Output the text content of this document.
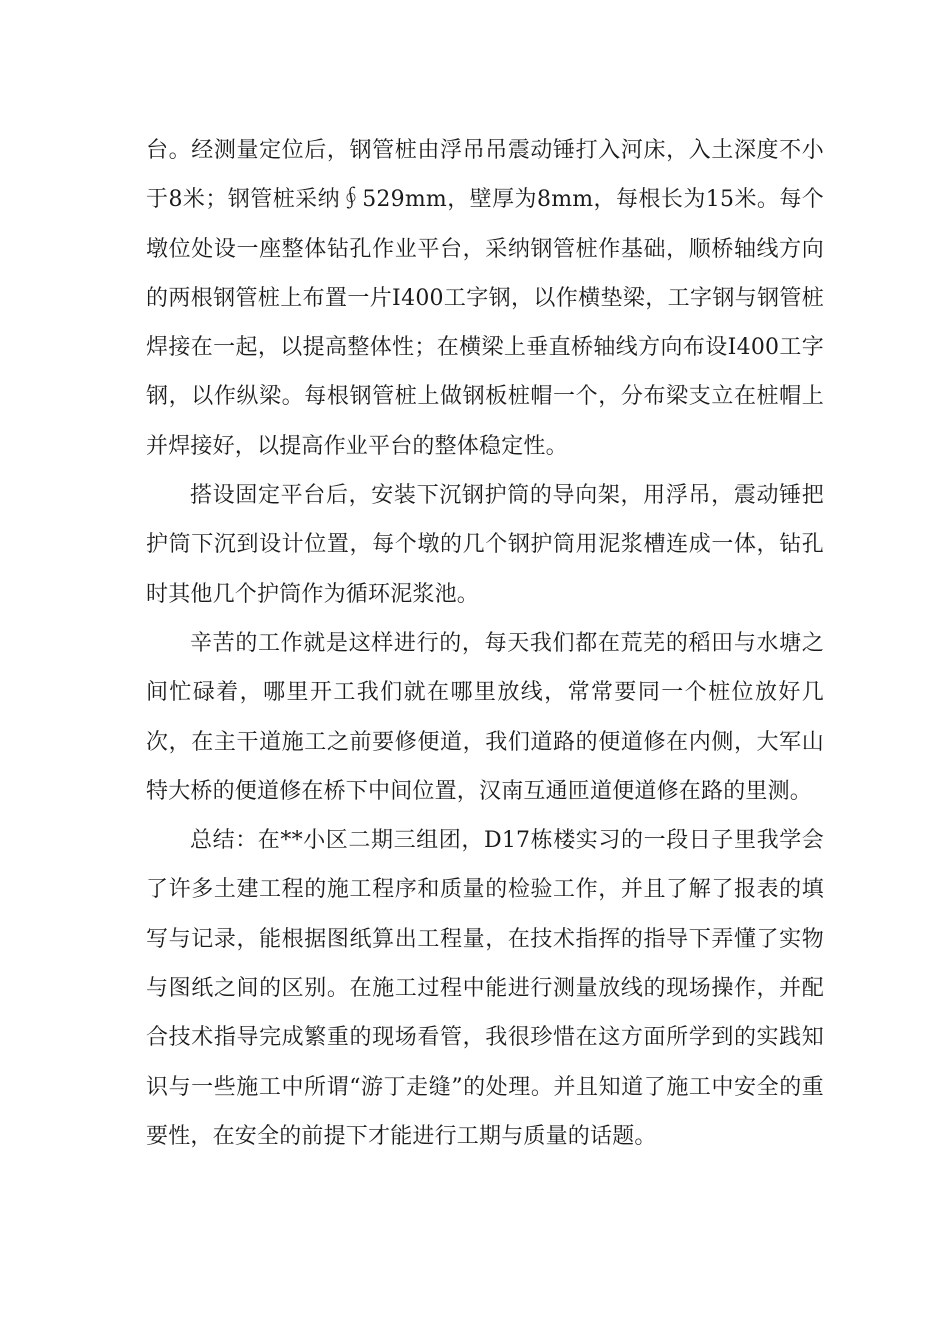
台。经测量定位后，钢管桩由浮吊吊震动锤打入河床，入土深度不小于8米；钢管桩采纳∮529mm，壁厚为8mm，每根长为15米。每个墩位处设一座整体钻孔作业平台，采纳钢管桩作基础，顺桥轴线方向的两根钢管桩上布置一片Ⅰ400工字钢，以作横垫梁，工字钢与钢管桩焊接在一起，以提高整体性；在横梁上垂直桥轴线方向布设Ⅰ400工字钢，以作纵梁。每根钢管桩上做钢板桩帽一个，分布梁支立在桩帽上并焊接好，以提高作业平台的整体稳定性。

搭设固定平台后，安装下沉钢护筒的导向架，用浮吊，震动锤把护筒下沉到设计位置，每个墩的几个钢护筒用泥浆槽连成一体，钻孔时其他几个护筒作为循环泥浆池。

辛苦的工作就是这样进行的，每天我们都在荒芜的稻田与水塘之间忙碌着，哪里开工我们就在哪里放线，常常要同一个桩位放好几次，在主干道施工之前要修便道，我们道路的便道修在内侧，大军山特大桥的便道修在桥下中间位置，汉南互通匝道便道修在路的里测。

总结：在**小区二期三组团，D17栋楼实习的一段日子里我学会了许多土建工程的施工程序和质量的检验工作，并且了解了报表的填写与记录，能根据图纸算出工程量，在技术指挥的指导下弄懂了实物与图纸之间的区别。在施工过程中能进行测量放线的现场操作，并配合技术指导完成繁重的现场看管，我很珍惜在这方面所学到的实践知识与一些施工中所谓“游丁走缝”的处理。并且知道了施工中安全的重要性，在安全的前提下才能进行工期与质量的话题。
